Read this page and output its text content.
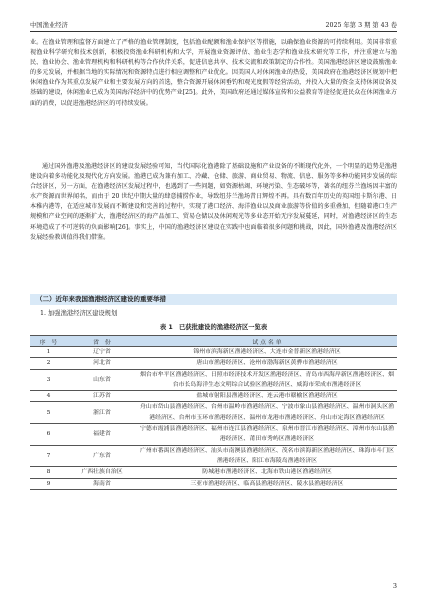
中国渔业经济	2025 年第 3 期 第 43 卷

业。在渔业管理和监督方面建立了严格的渔业管理制度，包括渔业配额和渔业保护区等措施，以确保渔业资源的可持续利用。美国非常重视渔业科学研究和技术创新，积极投资渔业科研机构和大学，开展渔业资源评估、渔业生态学和渔业技术研究等工作，并注重建立与渔民、渔业协会、渔业管理机构和科研机构等合作伙伴关系，促进信息共享、技术交流和政策制定的合作性。美国渔港经济区建设鼓励渔业的多元发展，并根据当地的实际情况和资源特点进行相应调整和产业优化。因美国人对休闲渔业的热爱，美国政府在渔港经济区规划中把休闲渔业作为其重点发展产业和主要发展方向的首选，整合资源开展休闲垂钓和观光度假等经营活动，并投入大量的资金支持休闲设备及基础的建设，休闲渔业已成为美国海洋经济中的优势产业[25]。此外，美国政府还通过媒体宣传和公益教育等途径促进民众在休闲渔业方面的消费，以促进渔港经济区的可持续发展。

通过国外渔港及渔港经济区的建设发展经验可知，当代国际化渔港除了基础设施和产业设备的不断现代化外，一个明显的趋势是渔港建设向着多功能化及现代化方向发展。渔港已成为兼有加工、冷藏、仓储、旅游、商业贸易、物流、信息、服务等多种功能同步发展的综合经济区，另一方面，在渔港经济区发展过程中，也遇到了一些问题，如资源枯竭、环境污染、生态破坏等，著名的纽芬兰渔场因丰富的水产资源而世界闻名，而由于 20 世纪中期大量的肆意捕捞作业，导致纽芬兰渔场昔日辉煌不再。具有数百年历史的英国纽卡斯尔港、日本稚内港等，在适应城市发展而不断建设和完善的过程中，实现了港口经济、海洋渔业以及商业旅游等价值的多重叠加，但随着港口生产规模和产业空间的逐渐扩大，渔港经济区的海产品加工、贸易仓储以及休闲观光等多业态开始无序发展蔓延，同时，对渔港经济区的生态环境造成了不可逆转的负面影响[26]。事实上，中国的渔港经济区建设在实践中也面临着很多问题和挑战，因此，国外渔港及渔港经济区发展经验教训值得我们借鉴。

（二）近年来我国渔港经济区建设的重要举措
1. 加强渔港经济区建设规划
表 1　已获批建设的渔港经济区一览表
序　号	省　份	试 点 名 单
1	辽宁省	锦州市滨海新区渔港经济区、大连市金普新区渔港经济区
2	河北省	唐山市渔港经济区、沧州市渤海新区黄骅市渔港经济区
3	山东省	烟台市牟平区渔港经济区、日照市经济技术开发区渔港经济区、青岛市西海岸新区渔港经济区、烟台市长岛海洋生态文明综合试验区渔港经济区、威海市荣成市渔港经济区
4	江苏省	盐城市射阳县渔港经济区、连云港市赣榆区渔港经济区
5	浙江省	舟山市岱山县渔港经济区、台州市温岭市渔港经济区、宁波市象山县渔港经济区、温州市洞头区渔港经济区、台州市玉环市渔港经济区、温州市龙港市渔港经济区、舟山市定海区渔港经济区
6	福建省	宁德市霞浦县渔港经济区、福州市连江县渔港经济区、泉州市晋江市渔港经济区、漳州市东山县渔港经济区、莆田市秀屿区渔港经济区
7	广东省	广州市番禺区渔港经济区、汕头市南澳县渔港经济区、茂名市滨海新区渔港经济区、珠海市斗门区渔港经济区、阳江市海陵岛渔港经济区
8	广西壮族自治区	防城港市渔港经济区、北海市铁山港区渔港经济区
9	海南省	三亚市渔港经济区、临高县渔港经济区、陵水县渔港经济区
3
